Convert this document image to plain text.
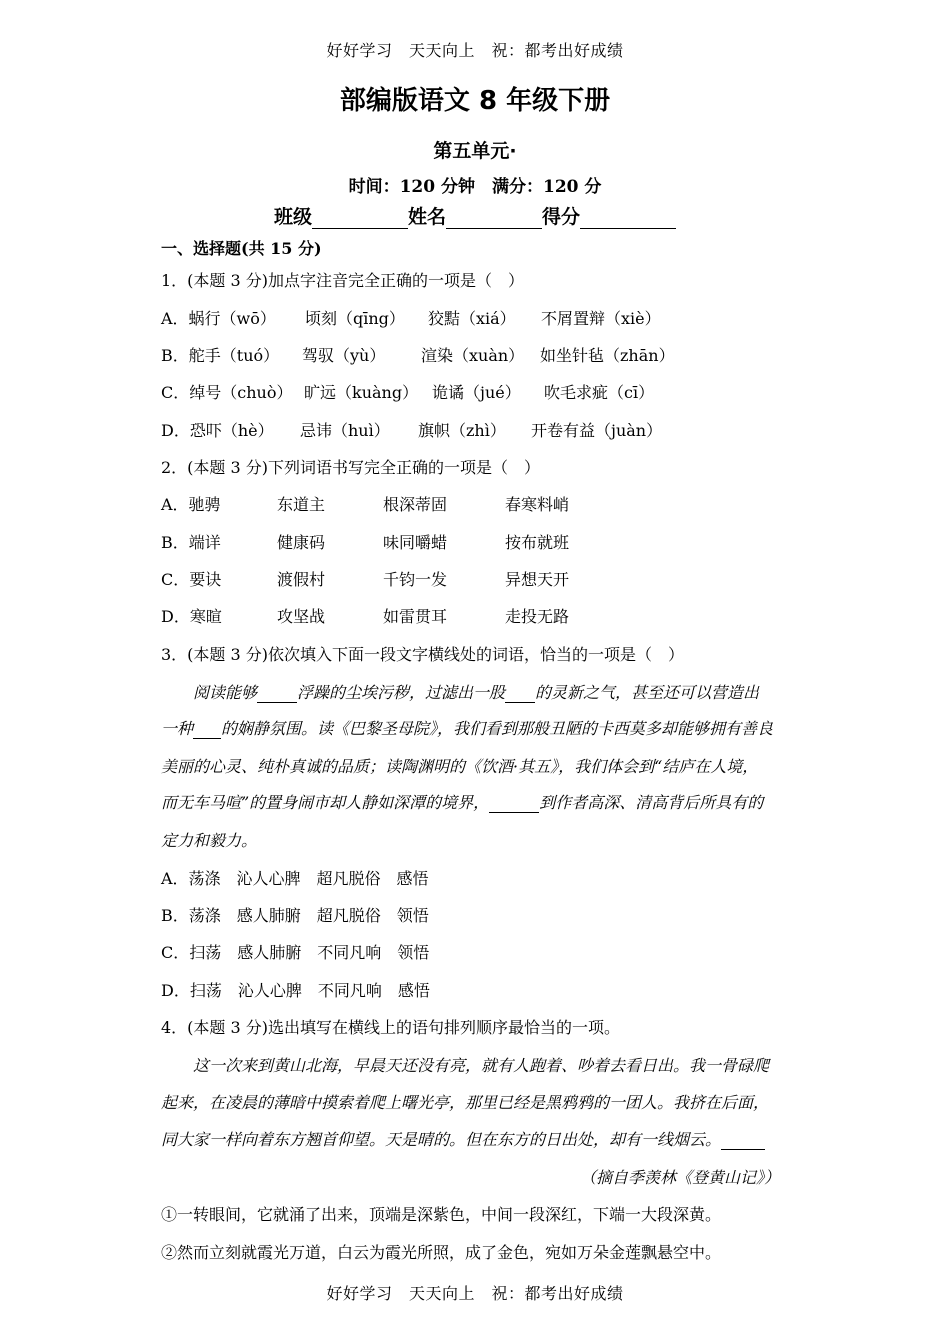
好好学习　天天向上　祝：都考出好成绩
部编版语文 8 年级下册
第五单元·
时间：120 分钟　满分：120 分
班级	姓名	得分
一、选择题(共 15 分)
1．(本题 3 分)加点字注音完全正确的一项是（　）
A．蜗行（wō） 顷刻（qīng） 狡黠（xiá） 不屑置辩（xiè）
B．舵手（tuó） 驾驭（yù） 渲染（xuàn） 如坐针毡（zhān）
C．绰号（chuò） 旷远（kuàng） 诡谲（jué） 吹毛求疵（cī）
D．恐吓（hè） 忌讳（huì） 旗帜（zhì） 开卷有益（juàn）
2．(本题 3 分)下列词语书写完全正确的一项是（　）
A．驰骋	东道主	根深蒂固	春寒料峭
B．端详	健康码	味同嚼蜡	按布就班
C．要诀	渡假村	千钧一发	异想天开
D．寒暄	攻坚战	如雷贯耳	走投无路
3．(本题 3 分)依次填入下面一段文字横线处的词语，恰当的一项是（　）
　　阅读能够	浮躁的尘埃污秽，过滤出一股 的灵新之气，甚至还可以营造出
一种 的娴静氛围。读《巴黎圣母院》，我们看到那般丑陋的卡西莫多却能够拥有善良
美丽的心灵、纯朴真诚的品质；读陶渊明的《饮酒·其五》，我们体会到“结庐在人境，
而无车马喧”的置身闹市却人静如深潭的境界，	到作者高深、清高背后所具有的
定力和毅力。
A．荡涤　沁人心脾　超凡脱俗　感悟
B．荡涤　感人肺腑　超凡脱俗　领悟
C．扫荡　感人肺腑　不同凡响　领悟
D．扫荡　沁人心脾　不同凡响　感悟
4．(本题 3 分)选出填写在横线上的语句排列顺序最恰当的一项。
　　这一次来到黄山北海，早晨天还没有亮，就有人跑着、吵着去看日出。我一骨碌爬
起来，在凌晨的薄暗中摸索着爬上曙光亭，那里已经是黑鸦鸦的一团人。我挤在后面，
同大家一样向着东方翘首仰望。天是晴的。但在东方的日出处，却有一线烟云。
（摘自季羡林《登黄山记》）
①一转眼间，它就涌了出来，顶端是深紫色，中间一段深红，下端一大段深黄。
②然而立刻就霞光万道，白云为霞光所照，成了金色，宛如万朵金莲飘悬空中。
好好学习　天天向上　祝：都考出好成绩
